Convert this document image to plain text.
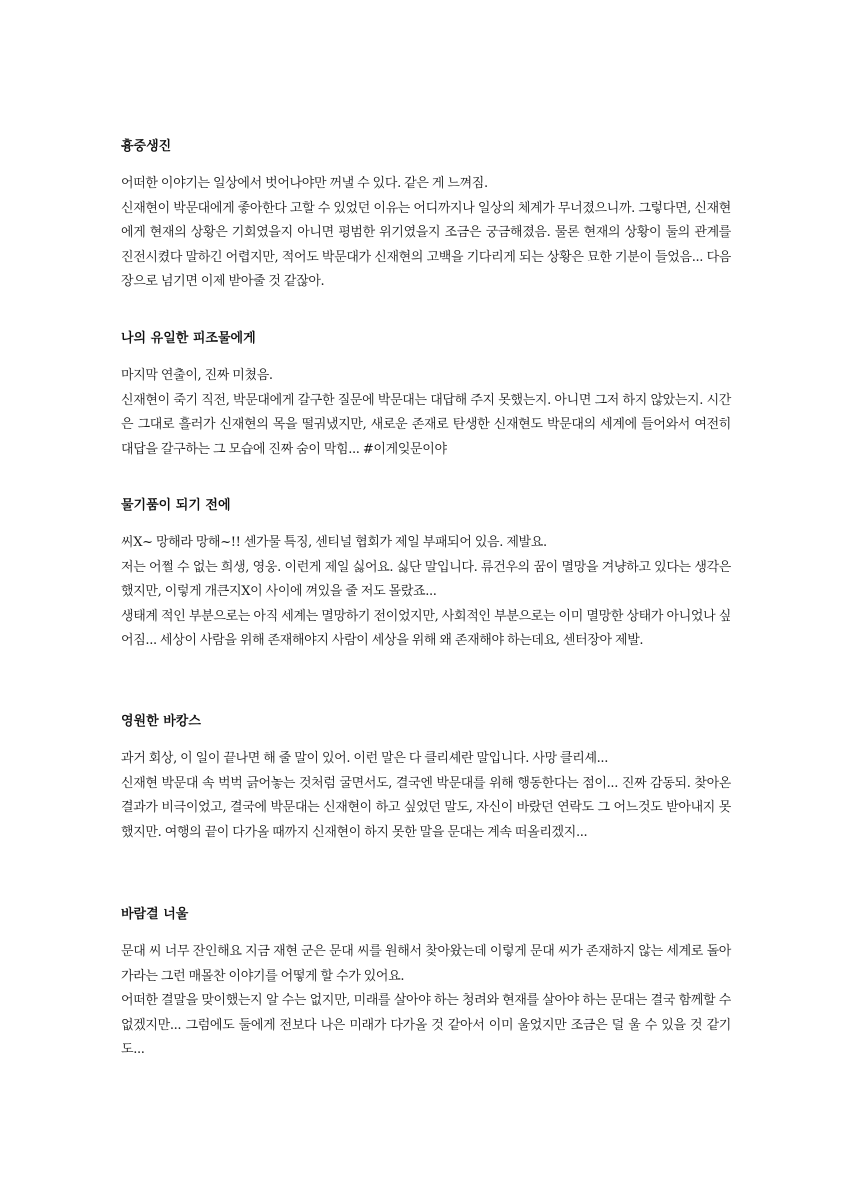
흉중생진

어떠한 이야기는 일상에서 벗어나야만 꺼낼 수 있다. 같은 게 느껴짐.

신재현이 박문대에게 좋아한다 고할 수 있었던 이유는 어디까지나 일상의 체계가 무너졌으니까. 그렇다면, 신재현에게 현재의 상황은 기회였을지 아니면 평범한 위기였을지 조금은 궁금해졌음. 물론 현재의 상황이 둘의 관계를 진전시켰다 말하긴 어렵지만, 적어도 박문대가 신재현의 고백을 기다리게 되는 상황은 묘한 기분이 들었음... 다음 장으로 넘기면 이제 받아줄 것 같잖아.

나의 유일한 피조물에게

마지막 연출이, 진짜 미쳤음.

신재현이 죽기 직전, 박문대에게 갈구한 질문에 박문대는 대답해 주지 못했는지. 아니면 그저 하지 않았는지. 시간은 그대로 흘러가 신재현의 목을 떨궈냈지만, 새로운 존재로 탄생한 신재현도 박문대의 세계에 들어와서 여전히 대답을 갈구하는 그 모습에 진짜 숨이 막힘... #이게잊문이야

물기품이 되기 전에

씨X~ 망해라 망해~!! 센가물 특징, 센티널 협회가 제일 부패되어 있음. 제발요.

저는 어쩔 수 없는 희생, 영웅. 이런게 제일 싫어요. 싫단 말입니다. 류건우의 꿈이 멸망을 겨냥하고 있다는 생각은 했지만, 이렇게 개큰지X이 사이에 껴있을 줄 저도 몰랐죠...

생태계 적인 부분으로는 아직 세계는 멸망하기 전이었지만, 사회적인 부분으로는 이미 멸망한 상태가 아니었나 싶어짐... 세상이 사람을 위해 존재해야지 사람이 세상을 위해 왜 존재해야 하는데요, 센터장아 제발.

영원한 바캉스

과거 회상, 이 일이 끝나면 해 줄 말이 있어. 이런 말은 다 클리셰란 말입니다. 사망 클리셰...

신재현 박문대 속 벅벅 긁어놓는 것처럼 굴면서도, 결국엔 박문대를 위해 행동한다는 점이... 진짜 감동되. 찾아온 결과가 비극이었고, 결국에 박문대는 신재현이 하고 싶었던 말도, 자신이 바랐던 연락도 그 어느것도 받아내지 못했지만. 여행의 끝이 다가올 때까지 신재현이 하지 못한 말을 문대는 계속 떠올리겠지...

바람결 너울

문대 씨 너무 잔인해요 지금 재현 군은 문대 씨를 원해서 찾아왔는데 이렇게 문대 씨가 존재하지 않는 세계로 돌아가라는 그런 매몰찬 이야기를 어떻게 할 수가 있어요.

어떠한 결말을 맞이했는지 알 수는 없지만, 미래를 살아야 하는 청려와 현재를 살아야 하는 문대는 결국 함께할 수 없겠지만... 그럼에도 둘에게 전보다 나은 미래가 다가올 것 같아서 이미 울었지만 조금은 덜 울 수 있을 것 같기도...
